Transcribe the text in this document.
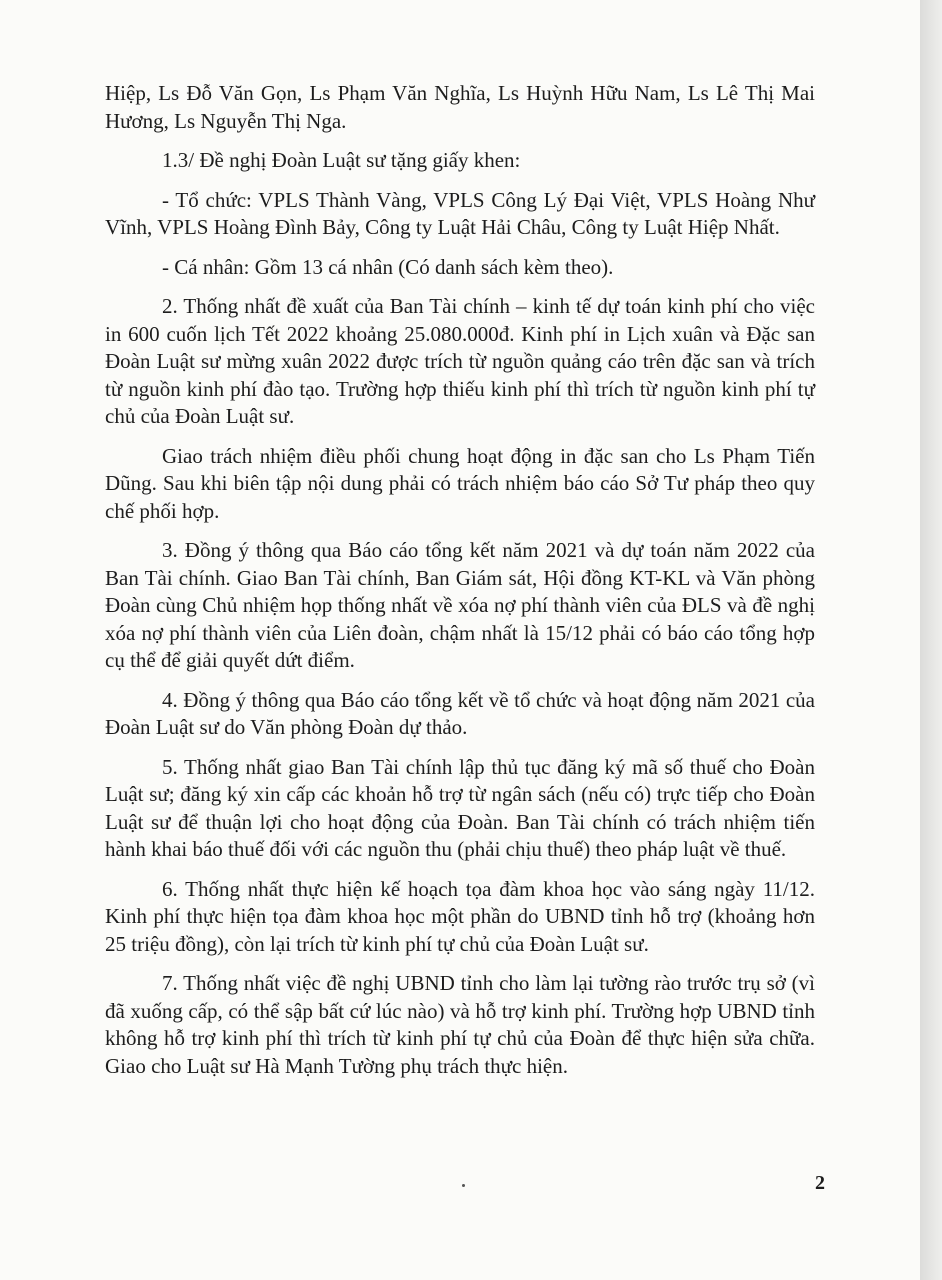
Hiệp, Ls Đỗ Văn Gọn, Ls Phạm Văn Nghĩa, Ls Huỳnh Hữu Nam, Ls Lê Thị Mai Hương, Ls Nguyễn Thị Nga.

1.3/ Đề nghị Đoàn Luật sư tặng giấy khen:

- Tổ chức: VPLS Thành Vàng, VPLS Công Lý Đại Việt, VPLS Hoàng Như Vĩnh, VPLS Hoàng Đình Bảy, Công ty Luật Hải Châu, Công ty Luật Hiệp Nhất.

- Cá nhân: Gồm 13 cá nhân (Có danh sách kèm theo).

2. Thống nhất đề xuất của Ban Tài chính – kinh tế dự toán kinh phí cho việc in 600 cuốn lịch Tết 2022 khoảng 25.080.000đ. Kinh phí in Lịch xuân và Đặc san Đoàn Luật sư mừng xuân 2022 được trích từ nguồn quảng cáo trên đặc san và trích từ nguồn kinh phí đào tạo. Trường hợp thiếu kinh phí thì trích từ nguồn kinh phí tự chủ của Đoàn Luật sư.

Giao trách nhiệm điều phối chung hoạt động in đặc san cho Ls Phạm Tiến Dũng. Sau khi biên tập nội dung phải có trách nhiệm báo cáo Sở Tư pháp theo quy chế phối hợp.

3. Đồng ý thông qua Báo cáo tổng kết năm 2021 và dự toán năm 2022 của Ban Tài chính. Giao Ban Tài chính, Ban Giám sát, Hội đồng KT-KL và Văn phòng Đoàn cùng Chủ nhiệm họp thống nhất về xóa nợ phí thành viên của ĐLS và đề nghị xóa nợ phí thành viên của Liên đoàn, chậm nhất là 15/12 phải có báo cáo tổng hợp cụ thể để giải quyết dứt điểm.

4. Đồng ý thông qua Báo cáo tổng kết về tổ chức và hoạt động năm 2021 của Đoàn Luật sư do Văn phòng Đoàn dự thảo.

5. Thống nhất giao Ban Tài chính lập thủ tục đăng ký mã số thuế cho Đoàn Luật sư; đăng ký xin cấp các khoản hỗ trợ từ ngân sách (nếu có) trực tiếp cho Đoàn Luật sư để thuận lợi cho hoạt động của Đoàn. Ban Tài chính có trách nhiệm tiến hành khai báo thuế đối với các nguồn thu (phải chịu thuế) theo pháp luật về thuế.

6. Thống nhất thực hiện kế hoạch tọa đàm khoa học vào sáng ngày 11/12. Kinh phí thực hiện tọa đàm khoa học một phần do UBND tỉnh hỗ trợ (khoảng hơn 25 triệu đồng), còn lại trích từ kinh phí tự chủ của Đoàn Luật sư.

7. Thống nhất việc đề nghị UBND tỉnh cho làm lại tường rào trước trụ sở (vì đã xuống cấp, có thể sập bất cứ lúc nào) và hỗ trợ kinh phí. Trường hợp UBND tỉnh không hỗ trợ kinh phí thì trích từ kinh phí tự chủ của Đoàn để thực hiện sửa chữa. Giao cho Luật sư Hà Mạnh Tường phụ trách thực hiện.

2
